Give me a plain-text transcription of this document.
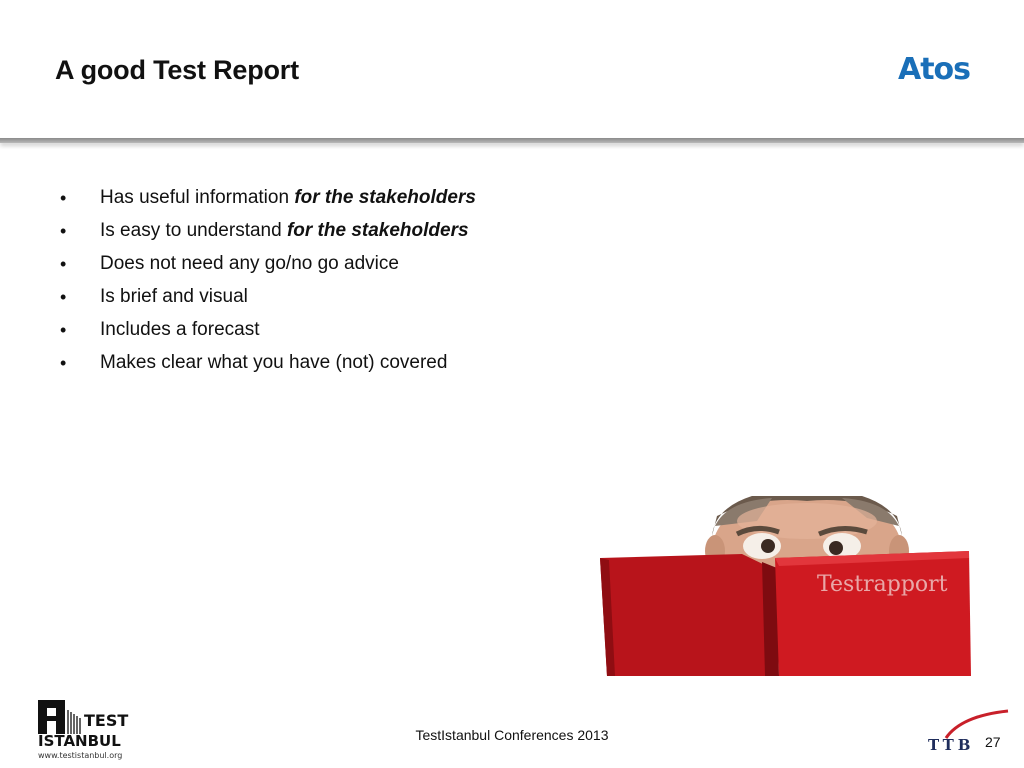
A good Test Report	Atos
• Has useful information for the stakeholders
• Is easy to understand for the stakeholders
• Does not need any go/no go advice
• Is brief and visual
• Includes a forecast
• Makes clear what you have (not) covered
Testrapport
TEST
ISTANBUL
www.testistanbul.org
TestIstanbul Conferences 2013
TTB 27
